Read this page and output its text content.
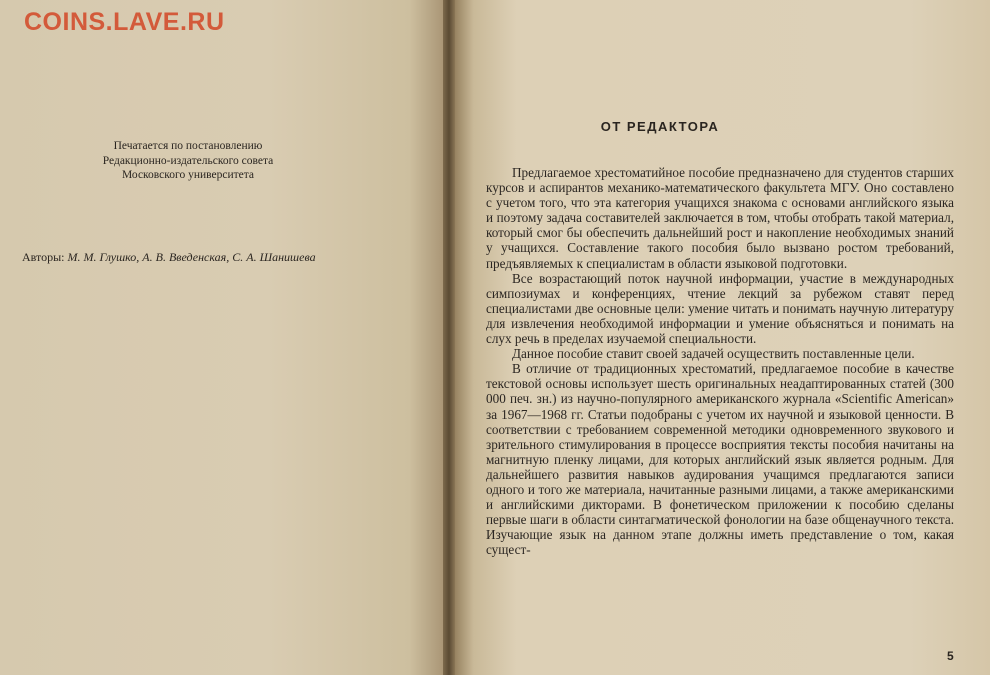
COINS.LAVE.RU
Печатается по постановлению
Редакционно-издательского совета
Московского университета
Авторы: М. М. Глушко, А. В. Введенская, С. А. Шанишева
ОТ РЕДАКТОРА

Предлагаемое хрестоматийное пособие предназначено для студентов старших курсов и аспирантов механико-математического факультета МГУ. Оно составлено с учетом того, что эта категория учащихся знакома с основами английского языка и поэтому задача составителей заключается в том, чтобы отобрать такой материал, который смог бы обеспечить дальнейший рост и накопление необходимых знаний у учащихся. Составление такого пособия было вызвано ростом требований, предъявляемых к специалистам в области языковой подготовки.

Все возрастающий поток научной информации, участие в международных симпозиумах и конференциях, чтение лекций за рубежом ставят перед специалистами две основные цели: умение читать и понимать научную литературу для извлечения необходимой информации и умение объясняться и понимать на слух речь в пределах изучаемой специальности.

Данное пособие ставит своей задачей осуществить поставленные цели.

В отличие от традиционных хрестоматий, предлагаемое пособие в качестве текстовой основы использует шесть оригинальных неадаптированных статей (300 000 печ. зн.) из научно-популярного американского журнала «Scientific American» за 1967—1968 гг. Статьи подобраны с учетом их научной и языковой ценности. В соответствии с требованием современной методики одновременного звукового и зрительного стимулирования в процессе восприятия тексты пособия начитаны на магнитную пленку лицами, для которых английский язык является родным. Для дальнейшего развития навыков аудирования учащимся предлагаются записи одного и того же материала, начитанные разными лицами, а также американскими и английскими дикторами. В фонетическом приложении к пособию сделаны первые шаги в области синтагматической фонологии на базе общенаучного текста. Изучающие язык на данном этапе должны иметь представление о том, какая сущест-

5
